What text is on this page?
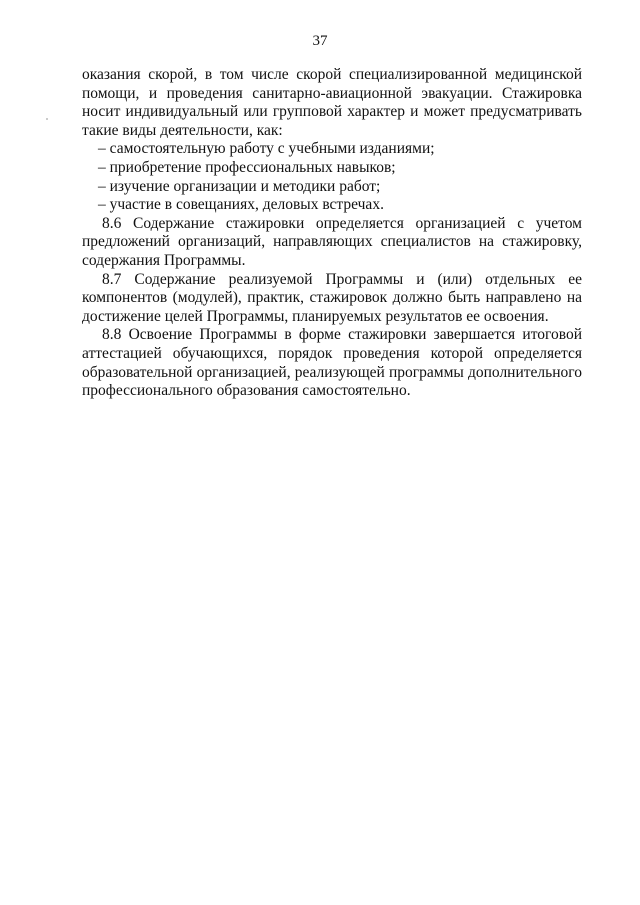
37

оказания скорой, в том числе скорой специализированной медицинской помощи, и проведения санитарно-авиационной эвакуации. Стажировка носит индивидуальный или групповой характер и может предусматривать такие виды деятельности, как:

– самостоятельную работу с учебными изданиями;
– приобретение профессиональных навыков;
– изучение организации и методики работ;
– участие в совещаниях, деловых встречах.

8.6 Содержание стажировки определяется организацией с учетом предложений организаций, направляющих специалистов на стажировку, содержания Программы.

8.7 Содержание реализуемой Программы и (или) отдельных ее компонентов (модулей), практик, стажировок должно быть направлено на достижение целей Программы, планируемых результатов ее освоения.

8.8 Освоение Программы в форме стажировки завершается итоговой аттестацией обучающихся, порядок проведения которой определяется образовательной организацией, реализующей программы дополнительного профессионального образования самостоятельно.
